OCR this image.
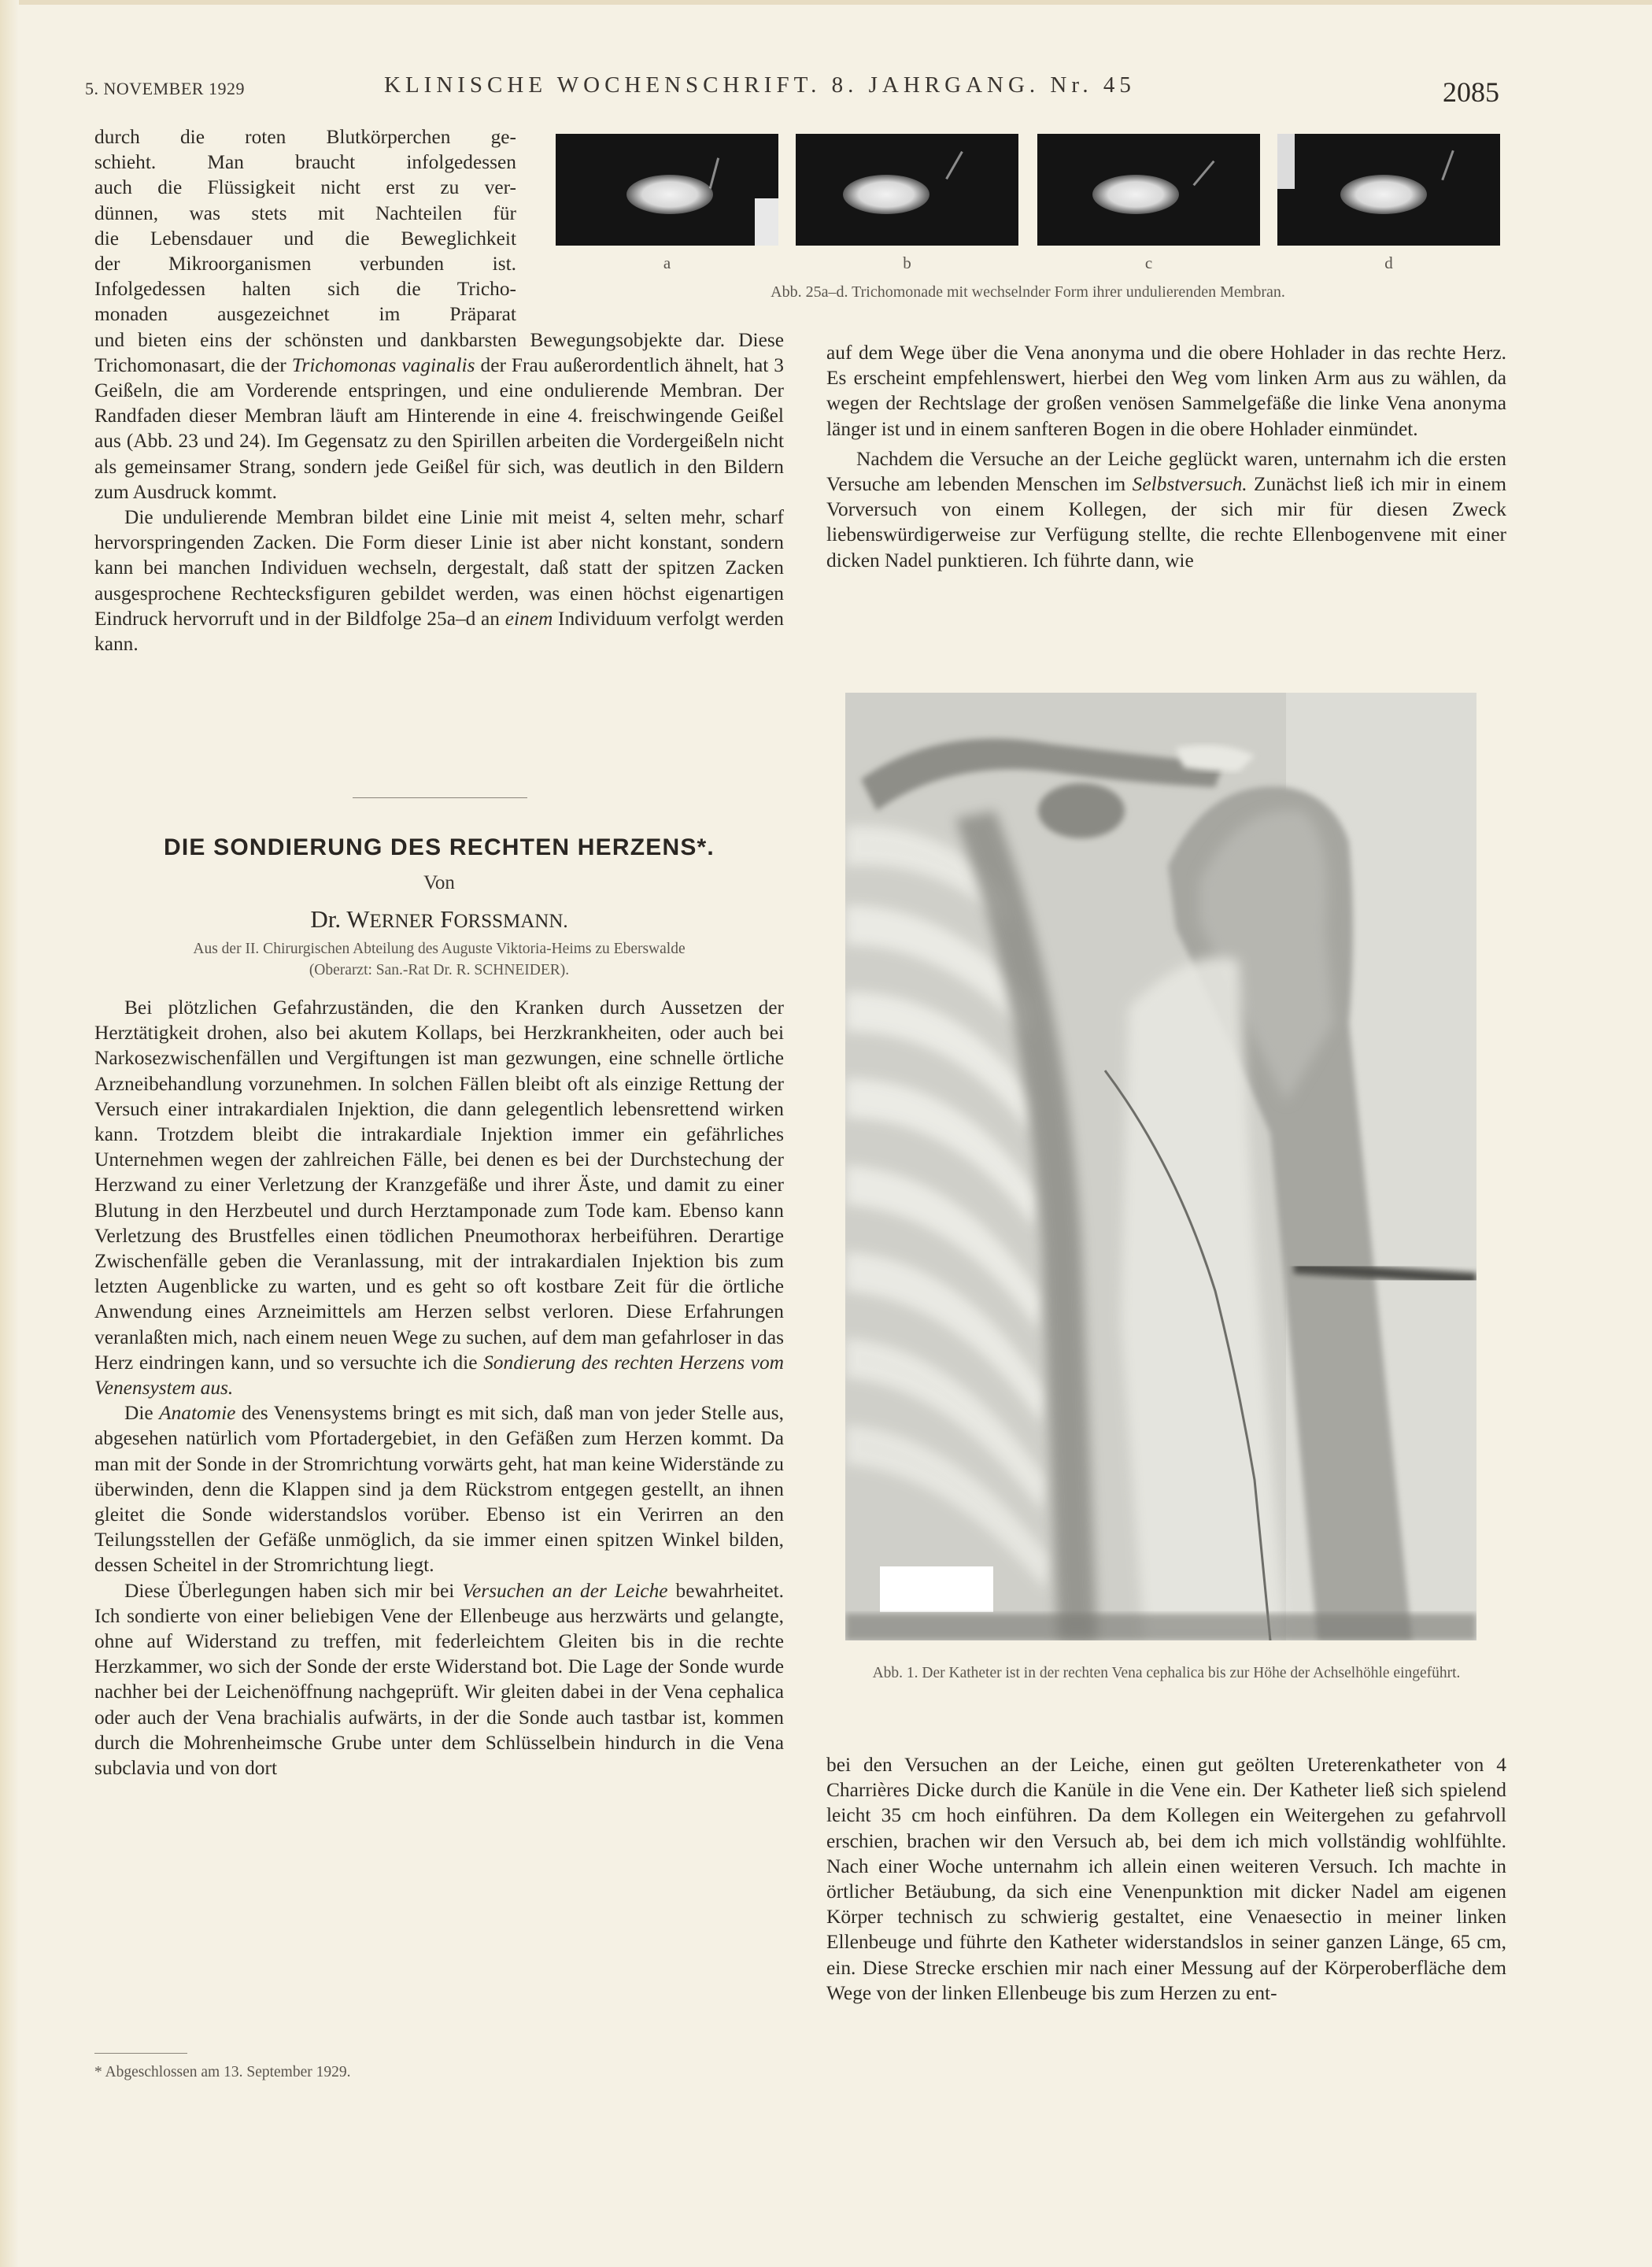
5. NOVEMBER 1929	KLINISCHE WOCHENSCHRIFT. 8. JAHRGANG. Nr. 45	2085

durch die roten Blutkörperchen ge-

schieht. Man braucht infolgedessen

auch die Flüssigkeit nicht erst zu ver-

dünnen, was stets mit Nachteilen für

die Lebensdauer und die Beweglichkeit

der Mikroorganismen verbunden ist.

Infolgedessen halten sich die Tricho-

monaden ausgezeichnet im Präparat

und bieten eins der schönsten und dankbarsten Bewegungsobjekte dar. Diese Trichomonasart, die der Trichomonas vaginalis der Frau außerordentlich ähnelt, hat 3 Geißeln, die am Vorderende entspringen, und eine ondulierende Membran. Der Randfaden dieser Membran läuft am Hinterende in eine 4. freischwingende Geißel aus (Abb. 23 und 24). Im Gegensatz zu den Spirillen arbeiten die Vordergeißeln nicht als gemeinsamer Strang, sondern jede Geißel für sich, was deutlich in den Bildern zum Ausdruck kommt.

Die undulierende Membran bildet eine Linie mit meist 4, selten mehr, scharf hervorspringenden Zacken. Die Form dieser Linie ist aber nicht konstant, sondern kann bei manchen Individuen wechseln, dergestalt, daß statt der spitzen Zacken ausgesprochene Rechtecksfiguren gebildet werden, was einen höchst eigenartigen Eindruck hervorruft und in der Bildfolge 25a–d an einem Individuum verfolgt werden kann.

a	b	c	d
Abb. 25a–d. Trichomonade mit wechselnder Form ihrer undulierenden Membran.
DIE SONDIERUNG DES RECHTEN HERZENS*.
Von
Dr. WERNER FORSSMANN.
Aus der II. Chirurgischen Abteilung des Auguste Viktoria-Heims zu Eberswalde
(Oberarzt: San.-Rat Dr. R. SCHNEIDER).

Bei plötzlichen Gefahrzuständen, die den Kranken durch Aussetzen der Herztätigkeit drohen, also bei akutem Kollaps, bei Herzkrankheiten, oder auch bei Narkosezwischenfällen und Vergiftungen ist man gezwungen, eine schnelle örtliche Arzneibehandlung vorzunehmen. In solchen Fällen bleibt oft als einzige Rettung der Versuch einer intrakardialen Injektion, die dann gelegentlich lebensrettend wirken kann. Trotzdem bleibt die intrakardiale Injektion immer ein gefährliches Unternehmen wegen der zahlreichen Fälle, bei denen es bei der Durchstechung der Herzwand zu einer Verletzung der Kranzgefäße und ihrer Äste, und damit zu einer Blutung in den Herzbeutel und durch Herztamponade zum Tode kam. Ebenso kann Verletzung des Brustfelles einen tödlichen Pneumothorax herbeiführen. Derartige Zwischenfälle geben die Veranlassung, mit der intrakardialen Injektion bis zum letzten Augenblicke zu warten, und es geht so oft kostbare Zeit für die örtliche Anwendung eines Arzneimittels am Herzen selbst verloren. Diese Erfahrungen veranlaßten mich, nach einem neuen Wege zu suchen, auf dem man gefahrloser in das Herz eindringen kann, und so versuchte ich die Sondierung des rechten Herzens vom Venensystem aus.

Die Anatomie des Venensystems bringt es mit sich, daß man von jeder Stelle aus, abgesehen natürlich vom Pfortadergebiet, in den Gefäßen zum Herzen kommt. Da man mit der Sonde in der Stromrichtung vorwärts geht, hat man keine Widerstände zu überwinden, denn die Klappen sind ja dem Rückstrom entgegen gestellt, an ihnen gleitet die Sonde widerstandslos vorüber. Ebenso ist ein Verirren an den Teilungsstellen der Gefäße unmöglich, da sie immer einen spitzen Winkel bilden, dessen Scheitel in der Stromrichtung liegt.

Diese Überlegungen haben sich mir bei Versuchen an der Leiche bewahrheitet. Ich sondierte von einer beliebigen Vene der Ellenbeuge aus herzwärts und gelangte, ohne auf Widerstand zu treffen, mit federleichtem Gleiten bis in die rechte Herzkammer, wo sich der Sonde der erste Widerstand bot. Die Lage der Sonde wurde nachher bei der Leichenöffnung nachgeprüft. Wir gleiten dabei in der Vena cephalica oder auch der Vena brachialis aufwärts, in der die Sonde auch tastbar ist, kommen durch die Mohrenheimsche Grube unter dem Schlüsselbein hindurch in die Vena subclavia und von dort

* Abgeschlossen am 13. September 1929.

auf dem Wege über die Vena anonyma und die obere Hohlader in das rechte Herz. Es erscheint empfehlenswert, hierbei den Weg vom linken Arm aus zu wählen, da wegen der Rechtslage der großen venösen Sammelgefäße die linke Vena anonyma länger ist und in einem sanfteren Bogen in die obere Hohlader einmündet.

Nachdem die Versuche an der Leiche geglückt waren, unternahm ich die ersten Versuche am lebenden Menschen im Selbstversuch. Zunächst ließ ich mir in einem Vorversuch von einem Kollegen, der sich mir für diesen Zweck liebenswürdigerweise zur Verfügung stellte, die rechte Ellenbogenvene mit einer dicken Nadel punktieren. Ich führte dann, wie

Abb. 1. Der Katheter ist in der rechten Vena cephalica bis zur Höhe der Achselhöhle eingeführt.

bei den Versuchen an der Leiche, einen gut geölten Ureterenkatheter von 4 Charrières Dicke durch die Kanüle in die Vene ein. Der Katheter ließ sich spielend leicht 35 cm hoch einführen. Da dem Kollegen ein Weitergehen zu gefahrvoll erschien, brachen wir den Versuch ab, bei dem ich mich vollständig wohlfühlte. Nach einer Woche unternahm ich allein einen weiteren Versuch. Ich machte in örtlicher Betäubung, da sich eine Venenpunktion mit dicker Nadel am eigenen Körper technisch zu schwierig gestaltet, eine Venaesectio in meiner linken Ellenbeuge und führte den Katheter widerstandslos in seiner ganzen Länge, 65 cm, ein. Diese Strecke erschien mir nach einer Messung auf der Körperoberfläche dem Wege von der linken Ellenbeuge bis zum Herzen zu ent-
